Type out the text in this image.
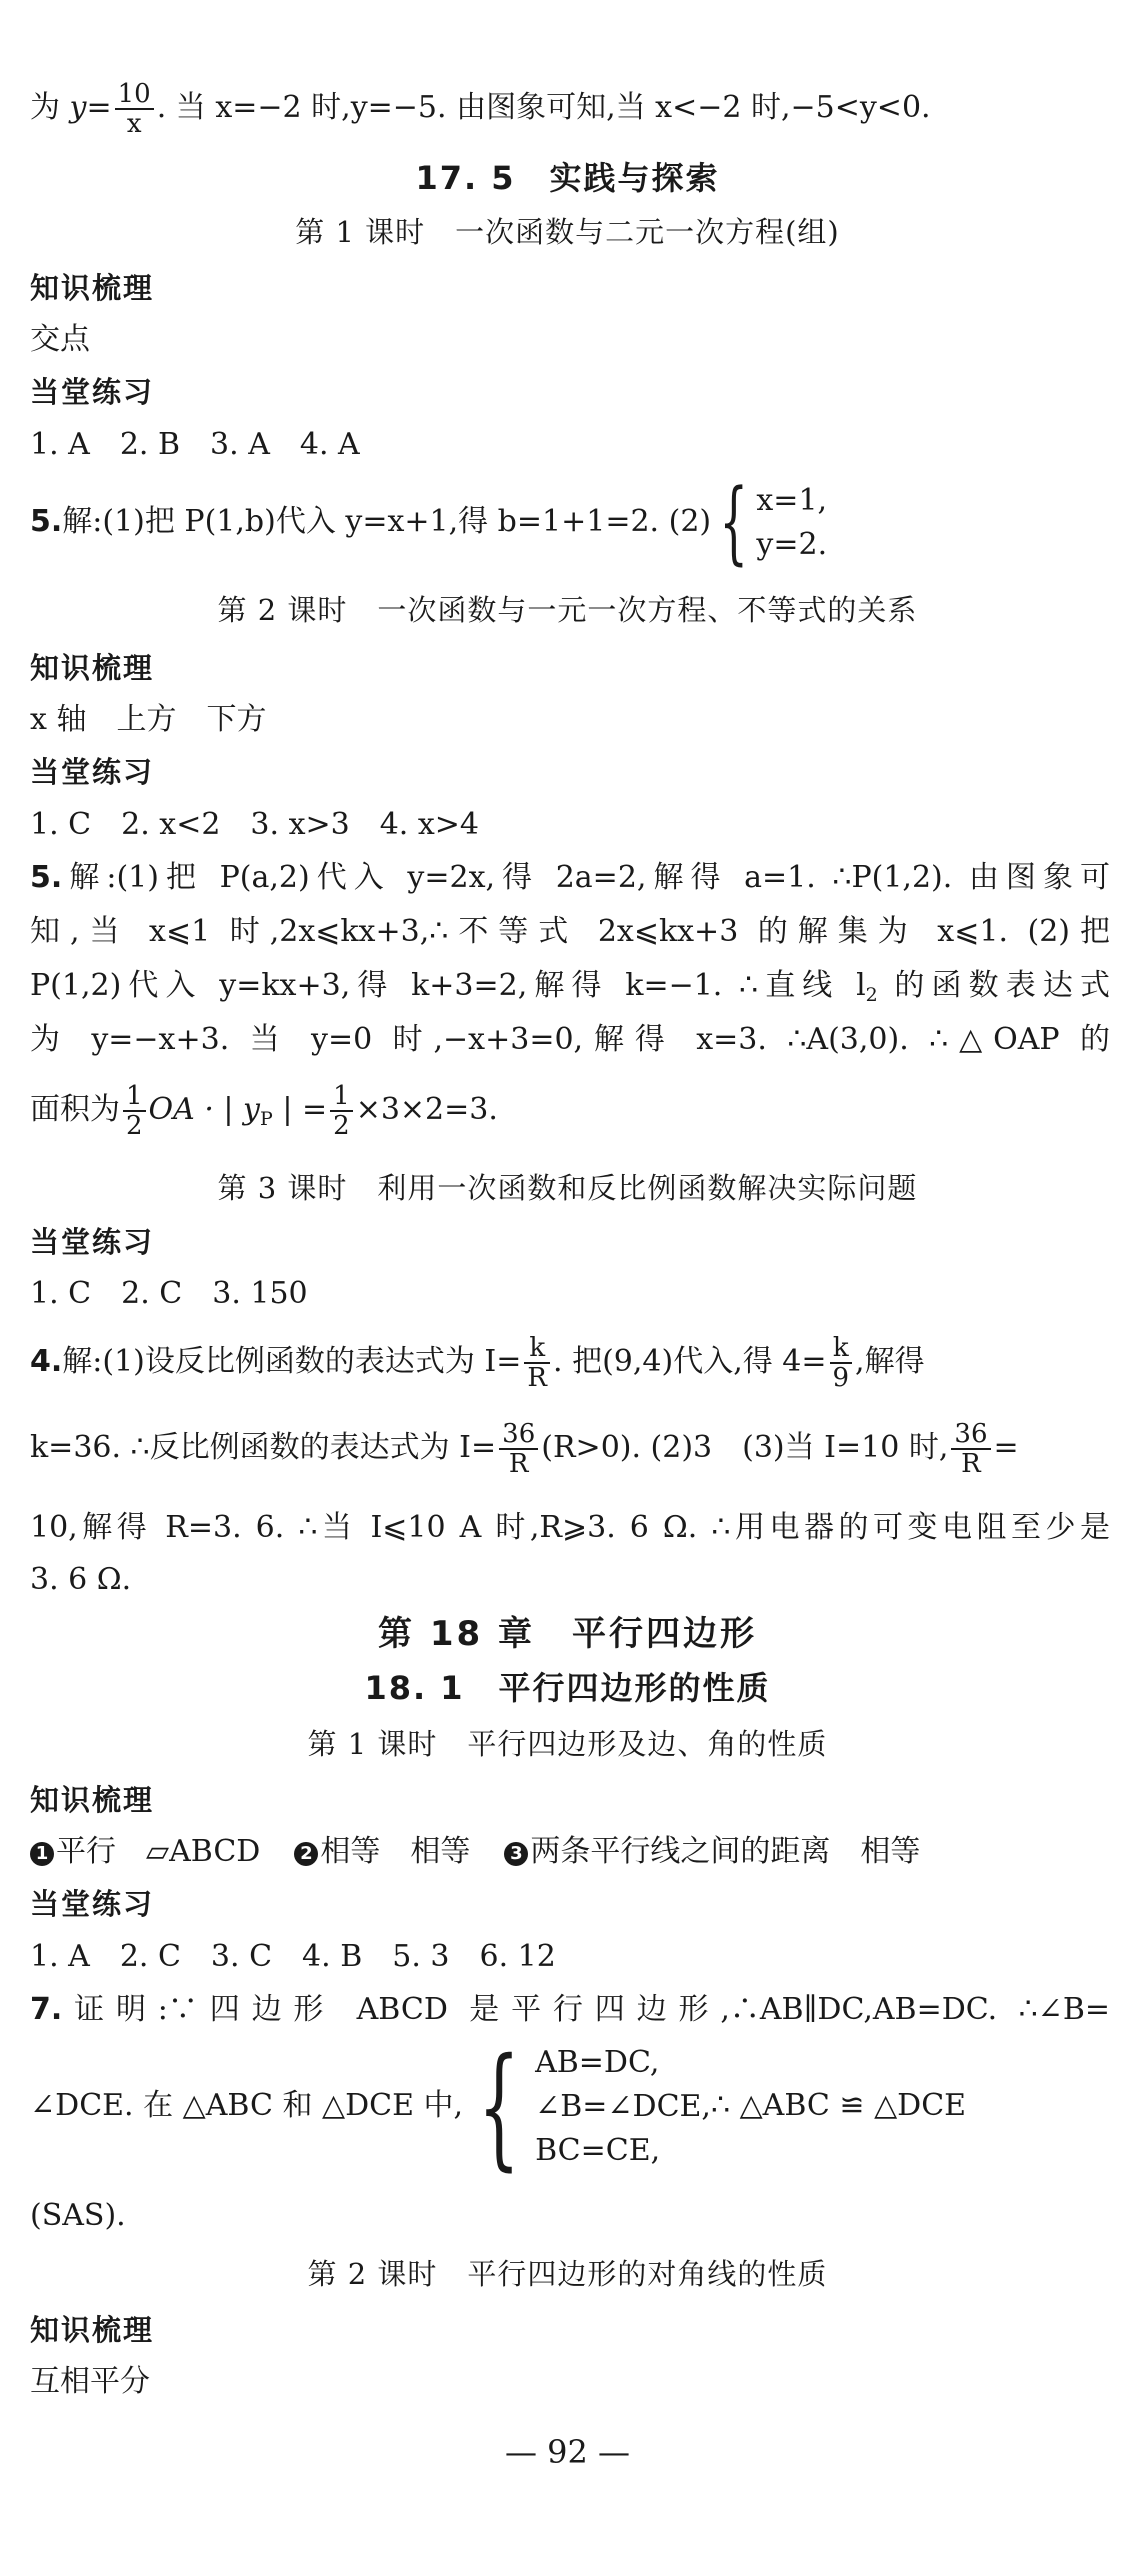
为 $y= \frac{10}{x}$ . 当 x=−2 时,y=−5. 由图象可知,当 x<−2 时,−5<y<0.
17. 5　实践与探索
第 1 课时　一次函数与二元一次方程(组)
知识梳理
交点
当堂练习
1. A　2. B　3. A　4. A
5.解:(1)把 P(1,b)代入 y=x+1,得 b=1+1=2. (2) { x=1,
y=2.
第 2 课时　一次函数与一元一次方程、不等式的关系
知识梳理
x 轴　上方　下方
当堂练习
1. C　2. x<2　3. x>3　4. x>4
5.解:(1)把 P(a,2)代入 y=2x,得 2a=2,解得 a=1. ∴P(1,2). 由图象可
知,当 x⩽1 时,2x⩽kx+3,∴不等式 2x⩽kx+3 的解集为 x⩽1. (2)把
P(1,2)代入 y=kx+3,得 k+3=2,解得 k=−1. ∴直线 $l_2$ 的函数表达式
为 y=−x+3. 当 y=0 时,−x+3=0,解得 x=3. ∴A(3,0). ∴△OAP 的
面积为 $\frac{1}{2}$ OA · | $y_P$ | = $\frac{1}{2} \times 3\times 2=3$.
第 3 课时　利用一次函数和反比例函数解决实际问题
当堂练习
1. C　2. C　3. 150
4.解:(1)设反比例函数的表达式为 $I= \frac{k}{R}$ . 把(9,4)代入,得 $4= \frac{k}{9}$ ,解得
k=36. ∴反比例函数的表达式为 $I= \frac{36}{R} (R>0)$. (2)3　(3)当 I=10 时, $\frac{36}{R}$ =
10,解得 R=3. 6. ∴当 I⩽10 A 时,R⩾3. 6 Ω. ∴用电器的可变电阻至少是
3. 6 Ω.
第 18 章　平行四边形
18. 1　平行四边形的性质
第 1 课时　平行四边形及边、角的性质
知识梳理
1 平行　▱ABCD 2 相等　相等 3 两条平行线之间的距离　相等
当堂练习
1. A　2. C　3. C　4. B　5. 3　6. 12
7.证明:∵四边形 ABCD 是平行四边形,∴AB∥DC,AB=DC. ∴∠B=
∠DCE. 在 △ABC 和 △DCE 中, { AB=DC,
∠B=∠DCE,
BC=CE,
∴ △ABC ≌ △DCE
(SAS).
第 2 课时　平行四边形的对角线的性质
知识梳理
互相平分
— 92 —
